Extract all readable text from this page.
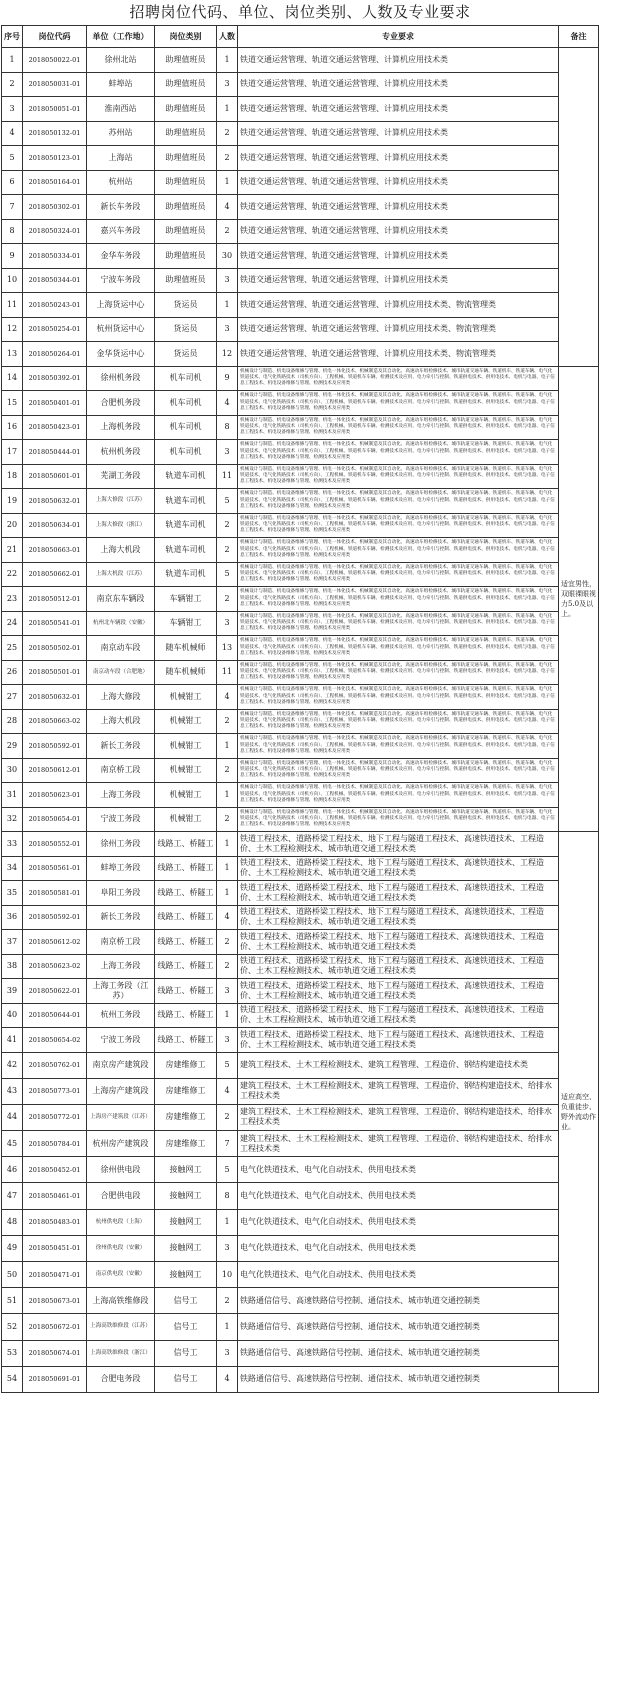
招聘岗位代码、单位、岗位类别、人数及专业要求
序号	岗位代码	单位（工作地）	岗位类别	人数	专业要求	备注
1	2018050022-01	徐州北站	助理值班员	1	铁道交通运营管理、轨道交通运营管理、计算机应用技术类	
2	2018050031-01	蚌埠站	助理值班员	3	铁道交通运营管理、轨道交通运营管理、计算机应用技术类	
3	2018050051-01	淮南西站	助理值班员	1	铁道交通运营管理、轨道交通运营管理、计算机应用技术类	
4	2018050132-01	苏州站	助理值班员	2	铁道交通运营管理、轨道交通运营管理、计算机应用技术类	
5	2018050123-01	上海站	助理值班员	2	铁道交通运营管理、轨道交通运营管理、计算机应用技术类	
6	2018050164-01	杭州站	助理值班员	1	铁道交通运营管理、轨道交通运营管理、计算机应用技术类	
7	2018050302-01	新长车务段	助理值班员	4	铁道交通运营管理、轨道交通运营管理、计算机应用技术类	
8	2018050324-01	嘉兴车务段	助理值班员	2	铁道交通运营管理、轨道交通运营管理、计算机应用技术类	
9	2018050334-01	金华车务段	助理值班员	30	铁道交通运营管理、轨道交通运营管理、计算机应用技术类	
10	2018050344-01	宁波车务段	助理值班员	3	铁道交通运营管理、轨道交通运营管理、计算机应用技术类	
11	2018050243-01	上海货运中心	货运员	1	铁道交通运营管理、轨道交通运营管理、计算机应用技术类、物流管理类	
12	2018050254-01	杭州货运中心	货运员	3	铁道交通运营管理、轨道交通运营管理、计算机应用技术类、物流管理类	
13	2018050264-01	金华货运中心	货运员	12	铁道交通运营管理、轨道交通运营管理、计算机应用技术类、物流管理类	
14	2018050392-01	徐州机务段	机车司机	9	机械设计与制造、机电设备维修与管理、机电一体化技术、机械制造及其自动化、高速动车组检修技术、城市轨道交通车辆、铁道机车、铁道车辆、电气化铁道技术、电气化铁路技术（司机方向）、工程机械、铁道机车车辆、检测技术及应用、电力牵引与控制、铁道供电技术、供用电技术、电机与电器、电子信息工程技术、机电设备维修与管理、检测技术及应用类	适宜男性，双眼裸眼视力5.0及以上。
15	2018050401-01	合肥机务段	机车司机	4	机械设计与制造、机电设备维修与管理、机电一体化技术、机械制造及其自动化、高速动车组检修技术、城市轨道交通车辆、铁道机车、铁道车辆、电气化铁道技术、电气化铁路技术（司机方向）、工程机械、铁道机车车辆、检测技术及应用、电力牵引与控制、铁道供电技术、供用电技术、电机与电器、电子信息工程技术、机电设备维修与管理、检测技术及应用类	
16	2018050423-01	上海机务段	机车司机	8	机械设计与制造、机电设备维修与管理、机电一体化技术、机械制造及其自动化、高速动车组检修技术、城市轨道交通车辆、铁道机车、铁道车辆、电气化铁道技术、电气化铁路技术（司机方向）、工程机械、铁道机车车辆、检测技术及应用、电力牵引与控制、铁道供电技术、供用电技术、电机与电器、电子信息工程技术、机电设备维修与管理、检测技术及应用类	
17	2018050444-01	杭州机务段	机车司机	3	机械设计与制造、机电设备维修与管理、机电一体化技术、机械制造及其自动化、高速动车组检修技术、城市轨道交通车辆、铁道机车、铁道车辆、电气化铁道技术、电气化铁路技术（司机方向）、工程机械、铁道机车车辆、检测技术及应用、电力牵引与控制、铁道供电技术、供用电技术、电机与电器、电子信息工程技术、机电设备维修与管理、检测技术及应用类	
18	2018050601-01	芜湖工务段	轨道车司机	11	机械设计与制造、机电设备维修与管理、机电一体化技术、机械制造及其自动化、高速动车组检修技术、城市轨道交通车辆、铁道机车、铁道车辆、电气化铁道技术、电气化铁路技术（司机方向）、工程机械、铁道机车车辆、检测技术及应用、电力牵引与控制、铁道供电技术、供用电技术、电机与电器、电子信息工程技术、机电设备维修与管理、检测技术及应用类	
19	2018050632-01	上海大修段（江苏）	轨道车司机	5	机械设计与制造、机电设备维修与管理、机电一体化技术、机械制造及其自动化、高速动车组检修技术、城市轨道交通车辆、铁道机车、铁道车辆、电气化铁道技术、电气化铁路技术（司机方向）、工程机械、铁道机车车辆、检测技术及应用、电力牵引与控制、铁道供电技术、供用电技术、电机与电器、电子信息工程技术、机电设备维修与管理、检测技术及应用类	
20	2018050634-01	上海大修段（浙江）	轨道车司机	2	机械设计与制造、机电设备维修与管理、机电一体化技术、机械制造及其自动化、高速动车组检修技术、城市轨道交通车辆、铁道机车、铁道车辆、电气化铁道技术、电气化铁路技术（司机方向）、工程机械、铁道机车车辆、检测技术及应用、电力牵引与控制、铁道供电技术、供用电技术、电机与电器、电子信息工程技术、机电设备维修与管理、检测技术及应用类	
21	2018050663-01	上海大机段	轨道车司机	2	机械设计与制造、机电设备维修与管理、机电一体化技术、机械制造及其自动化、高速动车组检修技术、城市轨道交通车辆、铁道机车、铁道车辆、电气化铁道技术、电气化铁路技术（司机方向）、工程机械、铁道机车车辆、检测技术及应用、电力牵引与控制、铁道供电技术、供用电技术、电机与电器、电子信息工程技术、机电设备维修与管理、检测技术及应用类	
22	2018050662-01	上海大机段（江苏）	轨道车司机	5	机械设计与制造、机电设备维修与管理、机电一体化技术、机械制造及其自动化、高速动车组检修技术、城市轨道交通车辆、铁道机车、铁道车辆、电气化铁道技术、电气化铁路技术（司机方向）、工程机械、铁道机车车辆、检测技术及应用、电力牵引与控制、铁道供电技术、供用电技术、电机与电器、电子信息工程技术、机电设备维修与管理、检测技术及应用类	
23	2018050512-01	南京东车辆段	车辆钳工	2	机械设计与制造、机电设备维修与管理、机电一体化技术、机械制造及其自动化、高速动车组检修技术、城市轨道交通车辆、铁道机车、铁道车辆、电气化铁道技术、电气化铁路技术（司机方向）、工程机械、铁道机车车辆、检测技术及应用、电力牵引与控制、铁道供电技术、供用电技术、电机与电器、电子信息工程技术、机电设备维修与管理、检测技术及应用类	
24	2018050541-01	杭州北车辆段（安徽）	车辆钳工	3	机械设计与制造、机电设备维修与管理、机电一体化技术、机械制造及其自动化、高速动车组检修技术、城市轨道交通车辆、铁道机车、铁道车辆、电气化铁道技术、电气化铁路技术（司机方向）、工程机械、铁道机车车辆、检测技术及应用、电力牵引与控制、铁道供电技术、供用电技术、电机与电器、电子信息工程技术、机电设备维修与管理、检测技术及应用类	
25	2018050502-01	南京动车段	随车机械师	13	机械设计与制造、机电设备维修与管理、机电一体化技术、机械制造及其自动化、高速动车组检修技术、城市轨道交通车辆、铁道机车、铁道车辆、电气化铁道技术、电气化铁路技术（司机方向）、工程机械、铁道机车车辆、检测技术及应用、电力牵引与控制、铁道供电技术、供用电技术、电机与电器、电子信息工程技术、机电设备维修与管理、检测技术及应用类	
26	2018050501-01	南京动车段（合肥地）	随车机械师	11	机械设计与制造、机电设备维修与管理、机电一体化技术、机械制造及其自动化、高速动车组检修技术、城市轨道交通车辆、铁道机车、铁道车辆、电气化铁道技术、电气化铁路技术（司机方向）、工程机械、铁道机车车辆、检测技术及应用、电力牵引与控制、铁道供电技术、供用电技术、电机与电器、电子信息工程技术、机电设备维修与管理、检测技术及应用类	
27	2018050632-01	上海大修段	机械钳工	4	机械设计与制造、机电设备维修与管理、机电一体化技术、机械制造及其自动化、高速动车组检修技术、城市轨道交通车辆、铁道机车、铁道车辆、电气化铁道技术、电气化铁路技术（司机方向）、工程机械、铁道机车车辆、检测技术及应用、电力牵引与控制、铁道供电技术、供用电技术、电机与电器、电子信息工程技术、机电设备维修与管理、检测技术及应用类	
28	2018050663-02	上海大机段	机械钳工	2	机械设计与制造、机电设备维修与管理、机电一体化技术、机械制造及其自动化、高速动车组检修技术、城市轨道交通车辆、铁道机车、铁道车辆、电气化铁道技术、电气化铁路技术（司机方向）、工程机械、铁道机车车辆、检测技术及应用、电力牵引与控制、铁道供电技术、供用电技术、电机与电器、电子信息工程技术、机电设备维修与管理、检测技术及应用类	
29	2018050592-01	新长工务段	机械钳工	1	机械设计与制造、机电设备维修与管理、机电一体化技术、机械制造及其自动化、高速动车组检修技术、城市轨道交通车辆、铁道机车、铁道车辆、电气化铁道技术、电气化铁路技术（司机方向）、工程机械、铁道机车车辆、检测技术及应用、电力牵引与控制、铁道供电技术、供用电技术、电机与电器、电子信息工程技术、机电设备维修与管理、检测技术及应用类	
30	2018050612-01	南京桥工段	机械钳工	2	机械设计与制造、机电设备维修与管理、机电一体化技术、机械制造及其自动化、高速动车组检修技术、城市轨道交通车辆、铁道机车、铁道车辆、电气化铁道技术、电气化铁路技术（司机方向）、工程机械、铁道机车车辆、检测技术及应用、电力牵引与控制、铁道供电技术、供用电技术、电机与电器、电子信息工程技术、机电设备维修与管理、检测技术及应用类	
31	2018050623-01	上海工务段	机械钳工	1	机械设计与制造、机电设备维修与管理、机电一体化技术、机械制造及其自动化、高速动车组检修技术、城市轨道交通车辆、铁道机车、铁道车辆、电气化铁道技术、电气化铁路技术（司机方向）、工程机械、铁道机车车辆、检测技术及应用、电力牵引与控制、铁道供电技术、供用电技术、电机与电器、电子信息工程技术、机电设备维修与管理、检测技术及应用类	
32	2018050654-01	宁波工务段	机械钳工	2	机械设计与制造、机电设备维修与管理、机电一体化技术、机械制造及其自动化、高速动车组检修技术、城市轨道交通车辆、铁道机车、铁道车辆、电气化铁道技术、电气化铁路技术（司机方向）、工程机械、铁道机车车辆、检测技术及应用、电力牵引与控制、铁道供电技术、供用电技术、电机与电器、电子信息工程技术、机电设备维修与管理、检测技术及应用类	
33	2018050552-01	徐州工务段	线路工、桥隧工	1	铁道工程技术、道路桥梁工程技术、地下工程与隧道工程技术、高速铁道技术、工程造价、土木工程检测技术、城市轨道交通工程技术类	适应高空、负重徒步、野外流动作业。
34	2018050561-01	蚌埠工务段	线路工、桥隧工	1	铁道工程技术、道路桥梁工程技术、地下工程与隧道工程技术、高速铁道技术、工程造价、土木工程检测技术、城市轨道交通工程技术类	
35	2018050581-01	阜阳工务段	线路工、桥隧工	1	铁道工程技术、道路桥梁工程技术、地下工程与隧道工程技术、高速铁道技术、工程造价、土木工程检测技术、城市轨道交通工程技术类	
36	2018050592-01	新长工务段	线路工、桥隧工	4	铁道工程技术、道路桥梁工程技术、地下工程与隧道工程技术、高速铁道技术、工程造价、土木工程检测技术、城市轨道交通工程技术类	
37	2018050612-02	南京桥工段	线路工、桥隧工	2	铁道工程技术、道路桥梁工程技术、地下工程与隧道工程技术、高速铁道技术、工程造价、土木工程检测技术、城市轨道交通工程技术类	
38	2018050623-02	上海工务段	线路工、桥隧工	2	铁道工程技术、道路桥梁工程技术、地下工程与隧道工程技术、高速铁道技术、工程造价、土木工程检测技术、城市轨道交通工程技术类	
39	2018050622-01	上海工务段（江苏）	线路工、桥隧工	3	铁道工程技术、道路桥梁工程技术、地下工程与隧道工程技术、高速铁道技术、工程造价、土木工程检测技术、城市轨道交通工程技术类	
40	2018050644-01	杭州工务段	线路工、桥隧工	1	铁道工程技术、道路桥梁工程技术、地下工程与隧道工程技术、高速铁道技术、工程造价、土木工程检测技术、城市轨道交通工程技术类	
41	2018050654-02	宁波工务段	线路工、桥隧工	3	铁道工程技术、道路桥梁工程技术、地下工程与隧道工程技术、高速铁道技术、工程造价、土木工程检测技术、城市轨道交通工程技术类	
42	2018050762-01	南京房产建筑段	房建维修工	5	建筑工程技术、土木工程检测技术、建筑工程管理、工程造价、钢结构建造技术类	
43	2018050773-01	上海房产建筑段	房建维修工	4	建筑工程技术、土木工程检测技术、建筑工程管理、工程造价、钢结构建造技术、给排水工程技术类	
44	2018050772-01	上海房产建筑段（江苏）	房建维修工	2	建筑工程技术、土木工程检测技术、建筑工程管理、工程造价、钢结构建造技术、给排水工程技术类	
45	2018050784-01	杭州房产建筑段	房建维修工	7	建筑工程技术、土木工程检测技术、建筑工程管理、工程造价、钢结构建造技术、给排水工程技术类	
46	2018050452-01	徐州供电段	接触网工	5	电气化铁道技术、电气化自动技术、供用电技术类	
47	2018050461-01	合肥供电段	接触网工	8	电气化铁道技术、电气化自动技术、供用电技术类	
48	2018050483-01	杭州供电段（上海）	接触网工	1	电气化铁道技术、电气化自动技术、供用电技术类	
49	2018050451-01	徐州供电段（安徽）	接触网工	3	电气化铁道技术、电气化自动技术、供用电技术类	
50	2018050471-01	南京供电段（安徽）	接触网工	10	电气化铁道技术、电气化自动技术、供用电技术类	
51	2018050673-01	上海高铁维修段	信号工	2	铁路通信信号、高速铁路信号控制、通信技术、城市轨道交通控制类	
52	2018050672-01	上海高铁维修段（江苏）	信号工	1	铁路通信信号、高速铁路信号控制、通信技术、城市轨道交通控制类	
53	2018050674-01	上海高铁维修段（浙江）	信号工	3	铁路通信信号、高速铁路信号控制、通信技术、城市轨道交通控制类	
54	2018050691-01	合肥电务段	信号工	4	铁路通信信号、高速铁路信号控制、通信技术、城市轨道交通控制类	
